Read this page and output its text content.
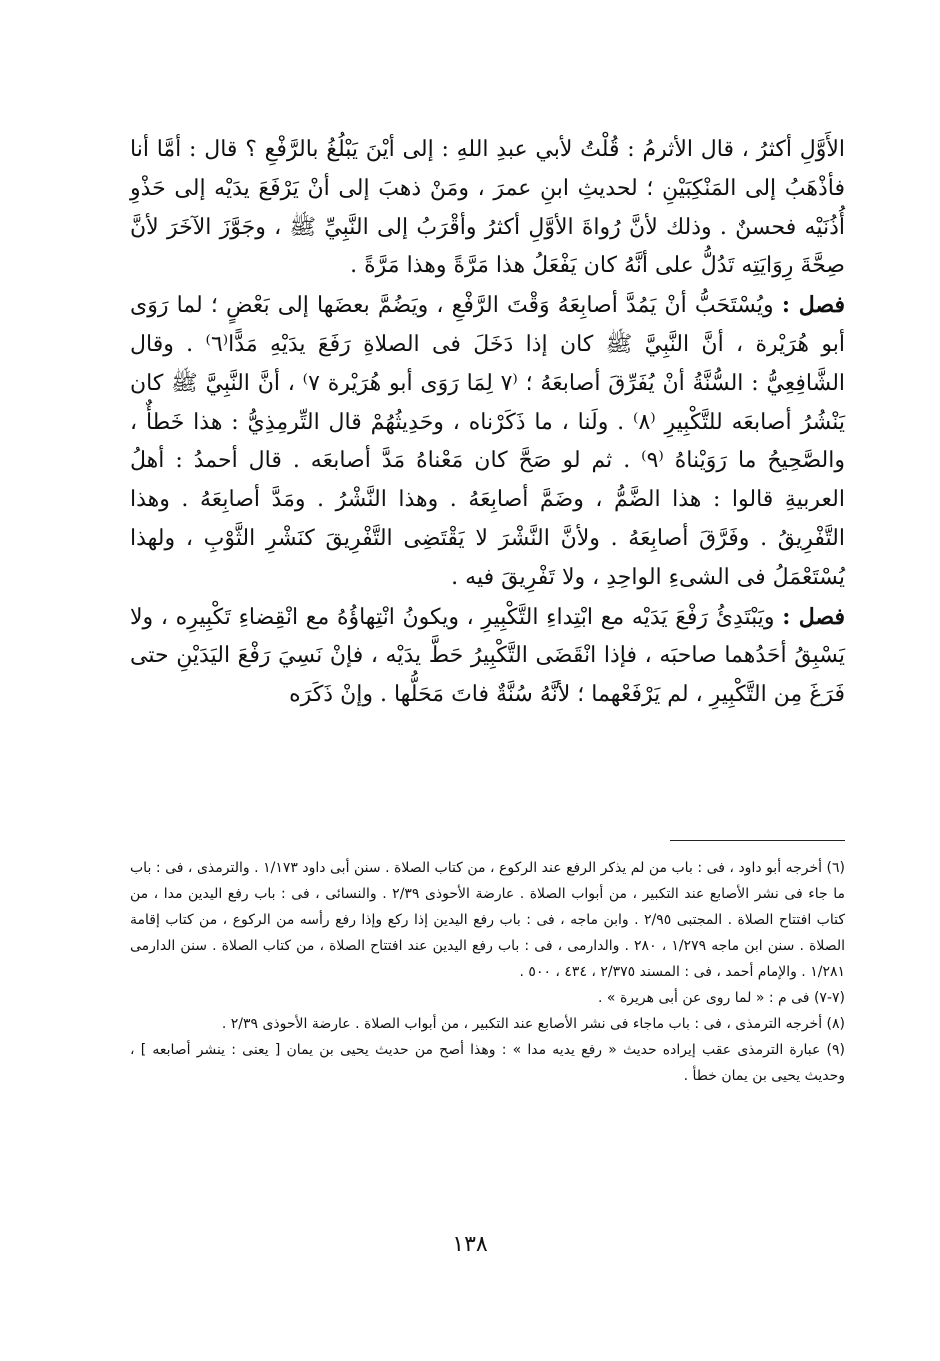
الأَوَّلِ أكثرُ ، قال الأثرمُ : قُلْتُ لأبي عبدِ اللهِ : إلى أيْنَ يَبْلُغُ بالرَّفْعِ ؟ قال : أمَّا أنا فأذْهَبُ إلى المَنْكِبَيْنِ ؛ لحديثِ ابنِ عمرَ ، ومَنْ ذهبَ إلى أنْ يَرْفَعَ يدَيْه إلى حَذْوِ أُذُنَيْه فحسنٌ . وذلك لأنَّ رُواةَ الأوَّلِ أكثرُ وأقْرَبُ إلى النَّبِيِّ ﷺ ، وجَوَّزَ الآخَرَ لأنَّ صِحَّةَ رِوَايَتِه تَدُلُّ على أنَّهُ كان يَفْعَلُ هذا مَرَّةً وهذا مَرَّةً .

فصل : ويُسْتَحَبُّ أنْ يَمُدَّ أصابِعَهُ وَقْتَ الرَّفْعِ ، ويَضُمَّ بعضَها إلى بَعْضٍ ؛ لما رَوَى أبو هُرَيْرة ، أنَّ النَّبِيَّ ﷺ كان إذا دَخَلَ فى الصلاةِ رَفَعَ يدَيْهِ مَدًّا⁽٦⁾ . وقال الشَّافِعِيُّ : السُّنَّةُ أنْ يُفَرِّقَ أصابعَهُ ؛ ⁽٧ لِمَا رَوَى أبو هُرَيْرة ٧⁾ ، أنَّ النَّبِيَّ ﷺ كان يَنْشُرُ أصابعَه للتَّكْبِيرِ ⁽٨⁾ . ولَنا ، ما ذَكَرْناه ، وحَدِيثُهُمْ قال التِّرمِذِيُّ : هذا خَطأٌ ، والصَّحِيحُ ما رَوَيْناهُ ⁽٩⁾ . ثم لو صَحَّ كان مَعْناهُ مَدَّ أصابعَه . قال أحمدُ : أهلُ العربيةِ قالوا : هذا الضَّمُّ ، وضَمَّ أصابِعَهُ . وهذا النَّشْرُ . ومَدَّ أصابِعَهُ . وهذا التَّفْرِيقُ . وفَرَّقَ أصابِعَهُ . ولأنَّ النَّشْرَ لا يَقْتَضِى التَّفْرِيقَ كنَشْرِ الثَّوْبِ ، ولهذا يُسْتَعْمَلُ فى الشىءِ الواحِدِ ، ولا تَفْرِيقَ فيه .

فصل : ويَبْتَدِئُ رَفْعَ يَدَيْه مع ابْتِداءِ التَّكْبِيرِ ، ويكونُ انْتِهاؤُهُ مع انْقِضاءِ تَكْبِيرِه ، ولا يَسْبِقُ أحَدُهما صاحبَه ، فإذا انْقَضَى التَّكْبِيرُ حَطَّ يدَيْه ، فإنْ نَسِيَ رَفْعَ اليَدَيْنِ حتى فَرَغَ مِن التَّكْبِيرِ ، لم يَرْفَعْهما ؛ لأنَّهُ سُنَّةٌ فاتَ مَحَلُّها . وإنْ ذَكَرَه

(٦) أخرجه أبو داود ، فى : باب من لم يذكر الرفع عند الركوع ، من كتاب الصلاة . سنن أبى داود ١/١٧٣ . والترمذى ، فى : باب ما جاء فى نشر الأصابع عند التكبير ، من أبواب الصلاة . عارضة الأحوذى ٢/٣٩ . والنسائى ، فى : باب رفع اليدين مدا ، من كتاب افتتاح الصلاة . المجتبى ٢/٩٥ . وابن ماجه ، فى : باب رفع اليدين إذا ركع وإذا رفع رأسه من الركوع ، من كتاب إقامة الصلاة . سنن ابن ماجه ١/٢٧٩ ، ٢٨٠ . والدارمى ، فى : باب رفع اليدين عند افتتاح الصلاة ، من كتاب الصلاة . سنن الدارمى ١/٢٨١ . والإمام أحمد ، فى : المسند ٢/٣٧٥ ، ٤٣٤ ، ٥٠٠ .

(٧-٧) فى م : « لما روى عن أبى هريرة » .

(٨) أخرجه الترمذى ، فى : باب ماجاء فى نشر الأصابع عند التكبير ، من أبواب الصلاة . عارضة الأحوذى ٢/٣٩ .

(٩) عبارة الترمذى عقب إيراده حديث « رفع يديه مدا » : وهذا أصح من حديث يحيى بن يمان [ يعنى : ينشر أصابعه ] ، وحديث يحيى بن يمان خطأ .

١٣٨
